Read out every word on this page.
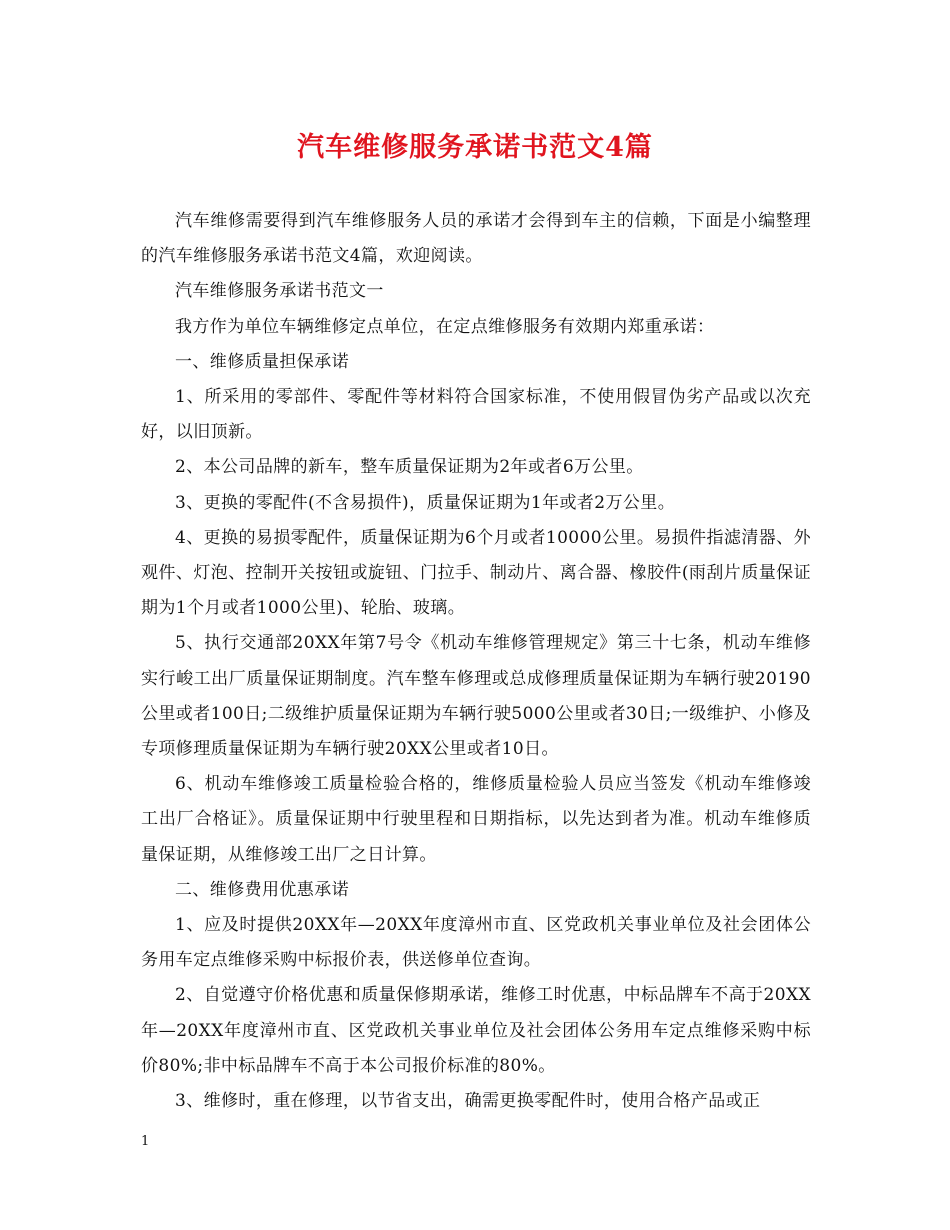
汽车维修服务承诺书范文4篇

汽车维修需要得到汽车维修服务人员的承诺才会得到车主的信赖，下面是小编整理的汽车维修服务承诺书范文4篇，欢迎阅读。

汽车维修服务承诺书范文一

我方作为单位车辆维修定点单位，在定点维修服务有效期内郑重承诺：

一、维修质量担保承诺

1、所采用的零部件、零配件等材料符合国家标准，不使用假冒伪劣产品或以次充好，以旧顶新。

2、本公司品牌的新车，整车质量保证期为2年或者6万公里。

3、更换的零配件(不含易损件)，质量保证期为1年或者2万公里。

4、更换的易损零配件，质量保证期为6个月或者10000公里。易损件指滤清器、外观件、灯泡、控制开关按钮或旋钮、门拉手、制动片、离合器、橡胶件(雨刮片质量保证期为1个月或者1000公里)、轮胎、玻璃。

5、执行交通部20XX年第7号令《机动车维修管理规定》第三十七条，机动车维修实行峻工出厂质量保证期制度。汽车整车修理或总成修理质量保证期为车辆行驶20190公里或者100日;二级维护质量保证期为车辆行驶5000公里或者30日;一级维护、小修及专项修理质量保证期为车辆行驶20XX公里或者10日。

6、机动车维修竣工质量检验合格的，维修质量检验人员应当签发《机动车维修竣工出厂合格证》。质量保证期中行驶里程和日期指标，以先达到者为准。机动车维修质量保证期，从维修竣工出厂之日计算。

二、维修费用优惠承诺

1、应及时提供20XX年—20XX年度漳州市直、区党政机关事业单位及社会团体公务用车定点维修采购中标报价表，供送修单位查询。

2、自觉遵守价格优惠和质量保修期承诺，维修工时优惠，中标品牌车不高于20XX年—20XX年度漳州市直、区党政机关事业单位及社会团体公务用车定点维修采购中标价80%;非中标品牌车不高于本公司报价标准的80%。

3、维修时，重在修理，以节省支出，确需更换零配件时，使用合格产品或正

1
